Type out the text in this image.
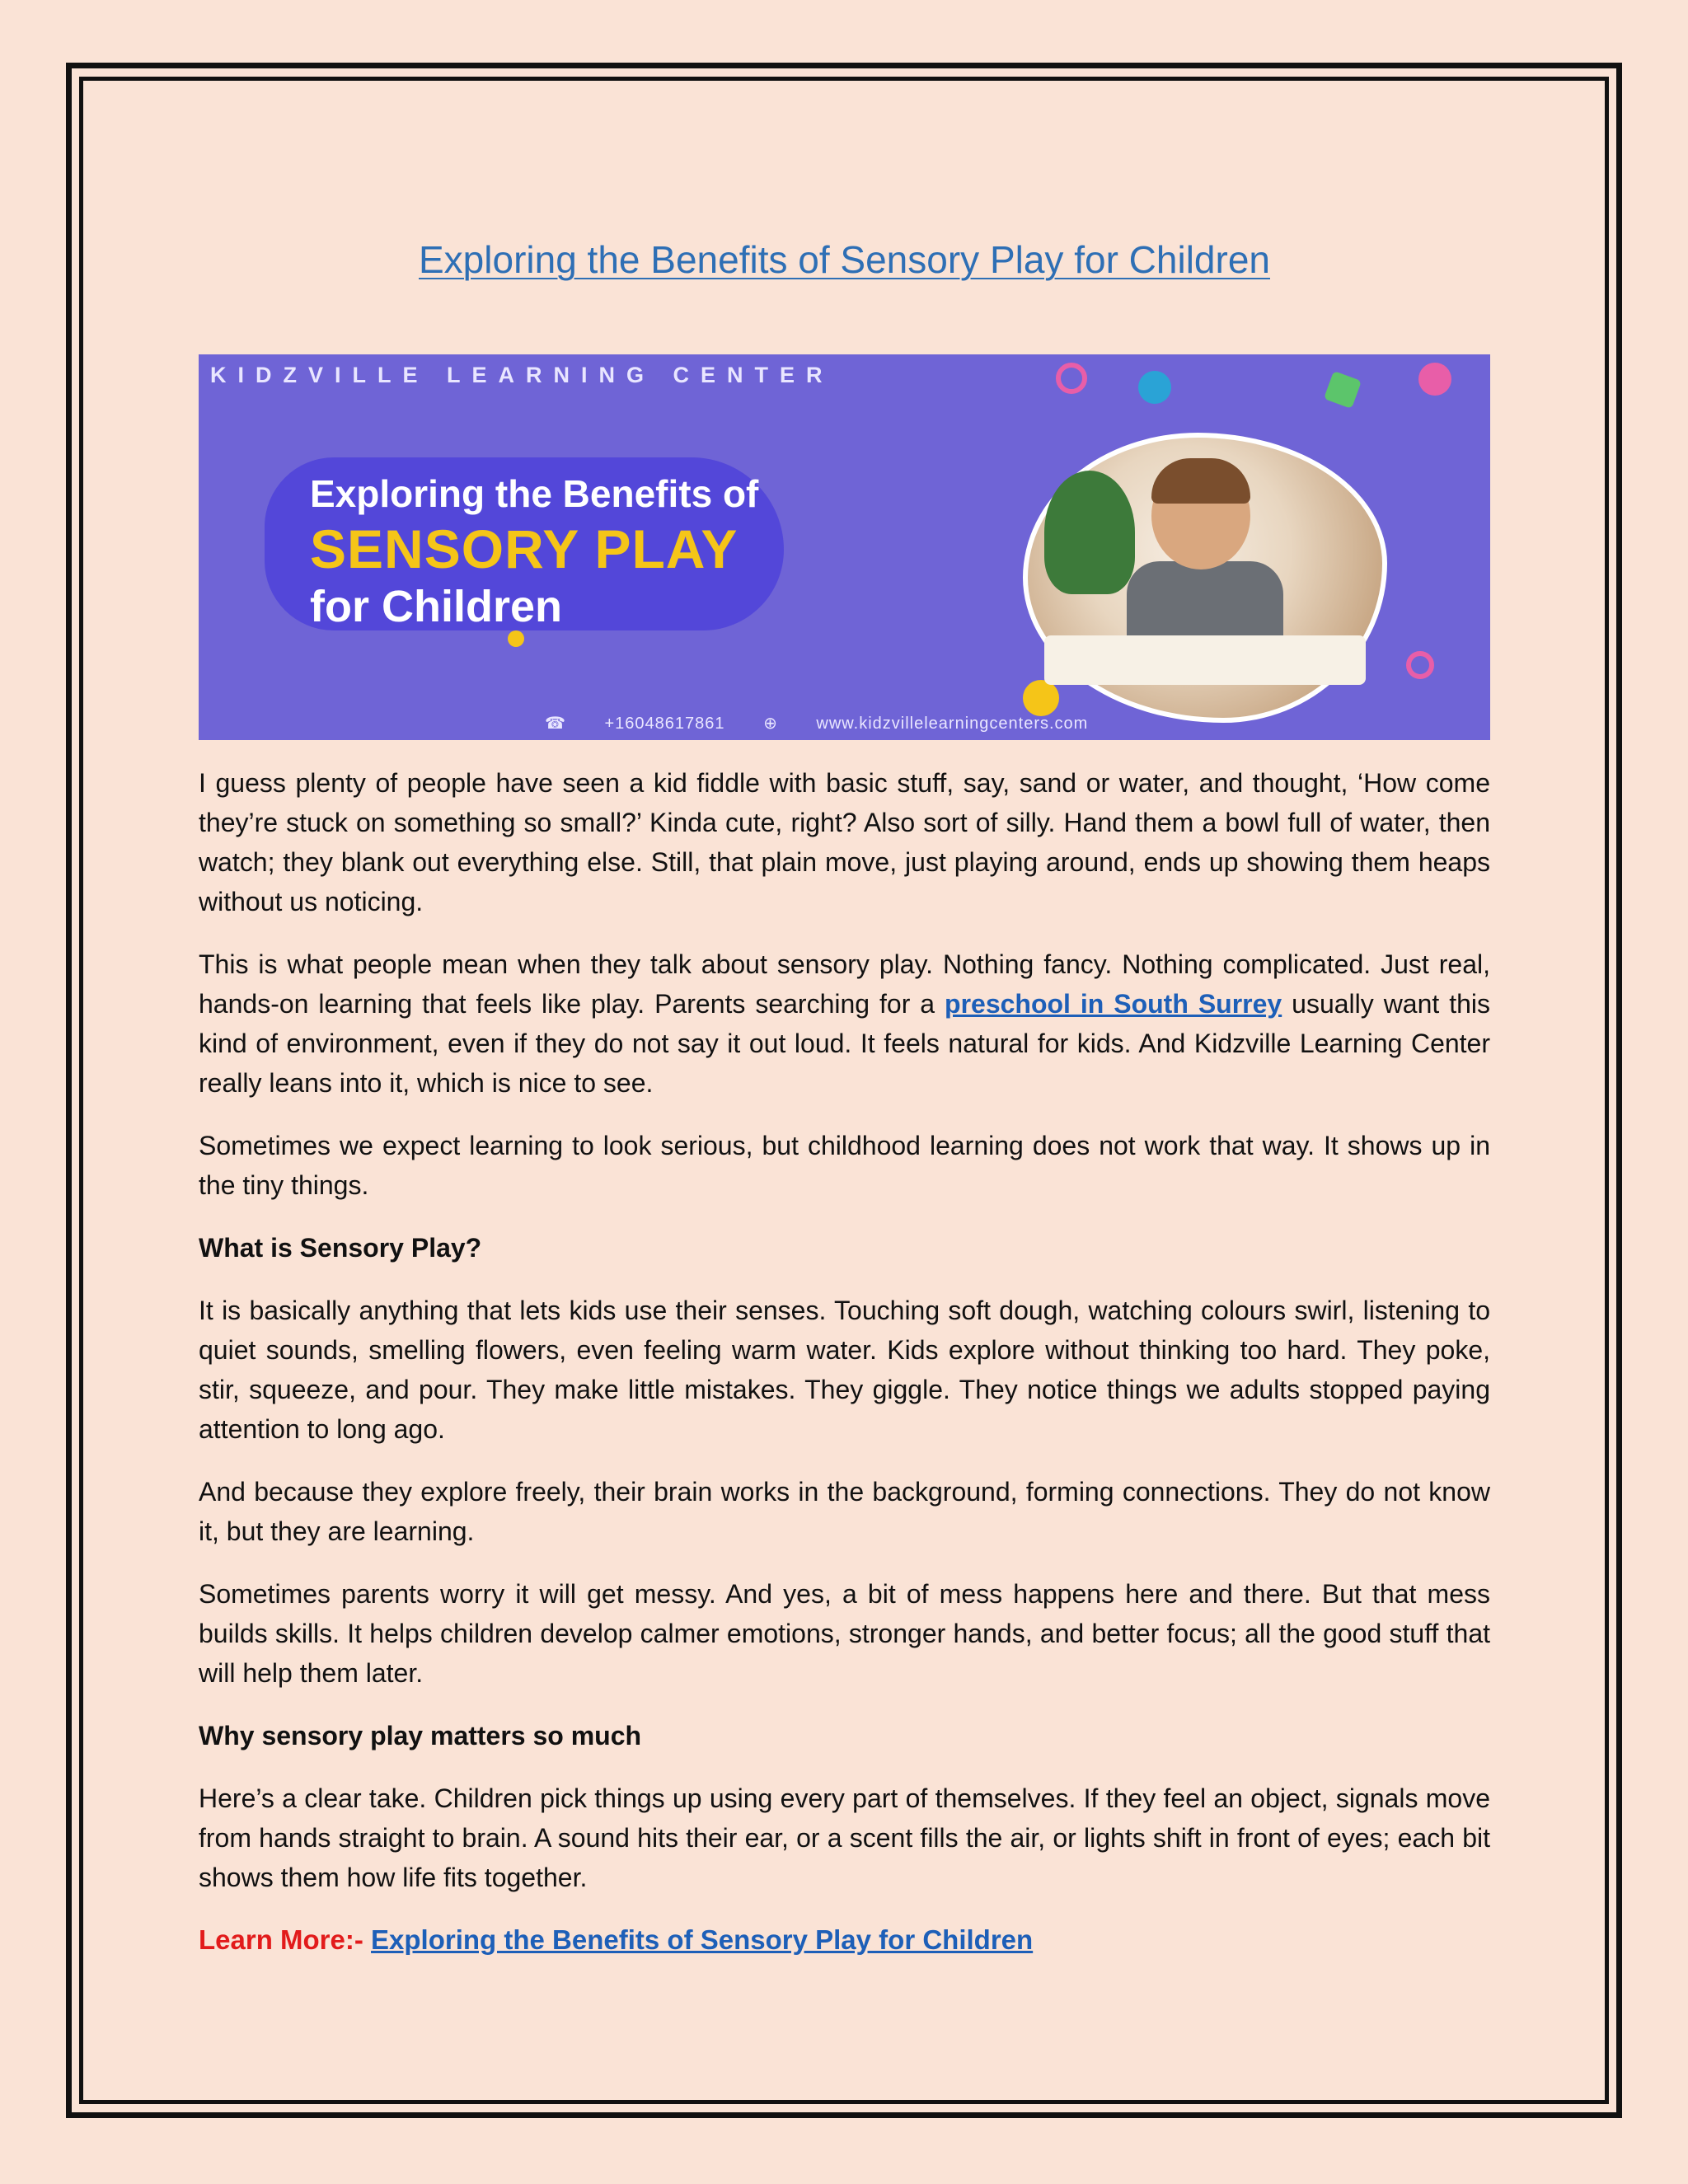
Exploring the Benefits of Sensory Play for Children
KIDZVILLE LEARNING CENTER
Exploring the Benefits of
SENSORY PLAY
for Children
☎ +16048617861 ⊕ www.kidzvillelearningcenters.com

I guess plenty of people have seen a kid fiddle with basic stuff, say, sand or water, and thought, ‘How come they’re stuck on something so small?’ Kinda cute, right? Also sort of silly. Hand them a bowl full of water, then watch; they blank out everything else. Still, that plain move, just playing around, ends up showing them heaps without us noticing.

This is what people mean when they talk about sensory play. Nothing fancy. Nothing complicated. Just real, hands-on learning that feels like play. Parents searching for a preschool in South Surrey usually want this kind of environment, even if they do not say it out loud. It feels natural for kids. And Kidzville Learning Center really leans into it, which is nice to see.

Sometimes we expect learning to look serious, but childhood learning does not work that way. It shows up in the tiny things.

What is Sensory Play?

It is basically anything that lets kids use their senses. Touching soft dough, watching colours swirl, listening to quiet sounds, smelling flowers, even feeling warm water. Kids explore without thinking too hard. They poke, stir, squeeze, and pour. They make little mistakes. They giggle. They notice things we adults stopped paying attention to long ago.

And because they explore freely, their brain works in the background, forming connections. They do not know it, but they are learning.

Sometimes parents worry it will get messy. And yes, a bit of mess happens here and there. But that mess builds skills. It helps children develop calmer emotions, stronger hands, and better focus; all the good stuff that will help them later.

Why sensory play matters so much

Here’s a clear take. Children pick things up using every part of themselves. If they feel an object, signals move from hands straight to brain. A sound hits their ear, or a scent fills the air, or lights shift in front of eyes; each bit shows them how life fits together.

Learn More:- Exploring the Benefits of Sensory Play for Children
